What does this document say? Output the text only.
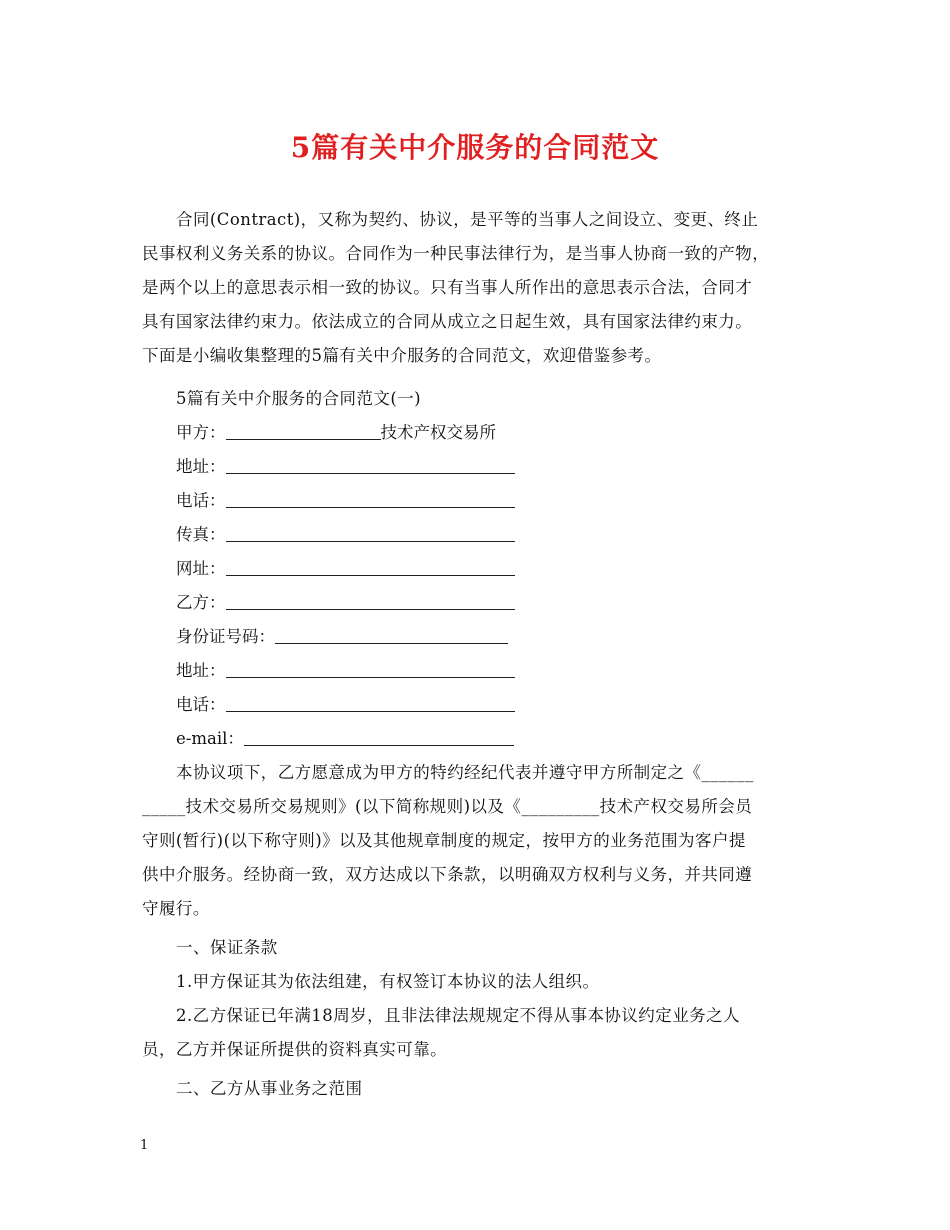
5篇有关中介服务的合同范文
合同(Contract)，又称为契约、协议，是平等的当事人之间设立、变更、终止
民事权利义务关系的协议。合同作为一种民事法律行为，是当事人协商一致的产物，
是两个以上的意思表示相一致的协议。只有当事人所作出的意思表示合法，合同才
具有国家法律约束力。依法成立的合同从成立之日起生效，具有国家法律约束力。
下面是小编收集整理的5篇有关中介服务的合同范文，欢迎借鉴参考。
5篇有关中介服务的合同范文(一)
甲方：	技术产权交易所
地址：
电话：
传真：
网址：
乙方：
身份证号码：
地址：
电话：
e-mail：
本协议项下，乙方愿意成为甲方的特约经纪代表并遵守甲方所制定之《______
_____技术交易所交易规则》(以下简称规则)以及《_________技术产权交易所会员
守则(暂行)(以下称守则)》以及其他规章制度的规定，按甲方的业务范围为客户提
供中介服务。经协商一致，双方达成以下条款，以明确双方权利与义务，并共同遵
守履行。
一、保证条款
1.甲方保证其为依法组建，有权签订本协议的法人组织。
2.乙方保证已年满18周岁，且非法律法规规定不得从事本协议约定业务之人
员，乙方并保证所提供的资料真实可靠。
二、乙方从事业务之范围
1
